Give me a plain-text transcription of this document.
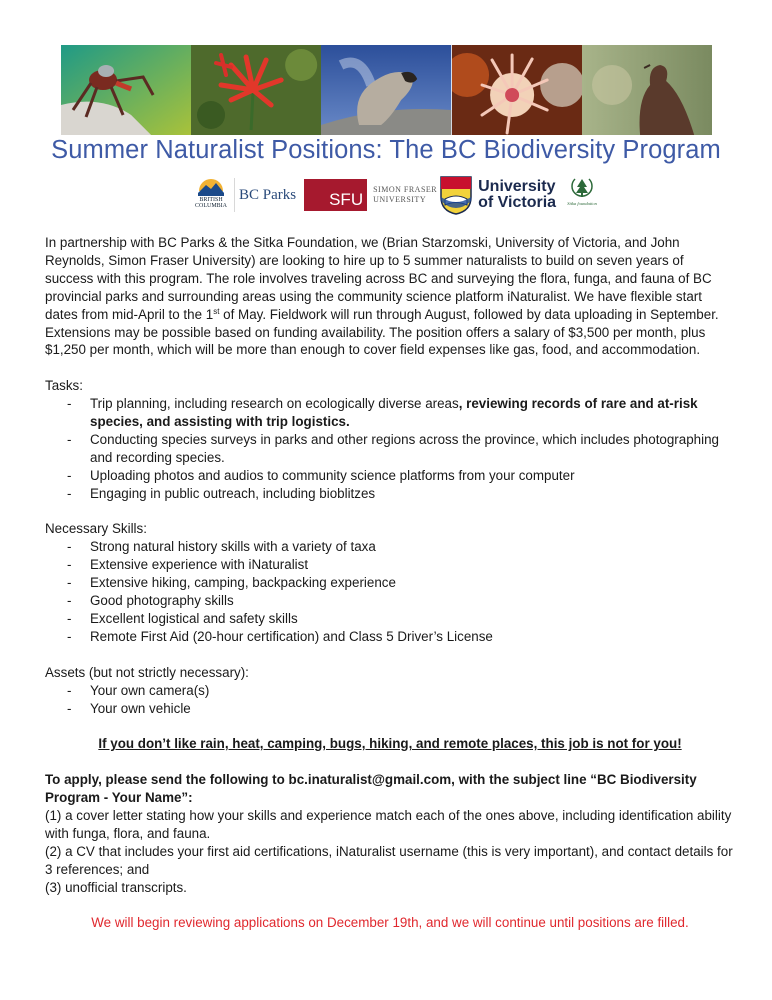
Summer Naturalist Positions: The BC Biodiversity Program
BRITISH COLUMBIA
BC Parks SFU
SIMON FRASER
UNIVERSITY
University
of Victoria Sitka foundation

In partnership with BC Parks & the Sitka Foundation, we (Brian Starzomski, University of Victoria, and John Reynolds, Simon Fraser University) are looking to hire up to 5 summer naturalists to build on seven years of success with this program. The role involves traveling across BC and surveying the flora, funga, and fauna of BC provincial parks and surrounding areas using the community science platform iNaturalist. We have flexible start dates from mid-April to the 1st of May. Fieldwork will run through August, followed by data uploading in September. Extensions may be possible based on funding availability. The position offers a salary of $3,500 per month, plus $1,250 per month, which will be more than enough to cover field expenses like gas, food, and accommodation.

Tasks:

- Trip planning, including research on ecologically diverse areas, reviewing records of rare and at-risk species, and assisting with trip logistics.
- Conducting species surveys in parks and other regions across the province, which includes photographing and recording species.
- Uploading photos and audios to community science platforms from your computer
- Engaging in public outreach, including bioblitzes

Necessary Skills:

- Strong natural history skills with a variety of taxa
- Extensive experience with iNaturalist
- Extensive hiking, camping, backpacking experience
- Good photography skills
- Excellent logistical and safety skills
- Remote First Aid (20-hour certification) and Class 5 Driver’s License

Assets (but not strictly necessary):

- Your own camera(s)
- Your own vehicle

If you don’t like rain, heat, camping, bugs, hiking, and remote places, this job is not for you!

To apply, please send the following to bc.inaturalist@gmail.com, with the subject line “BC Biodiversity Program - Your Name”:

(1) a cover letter stating how your skills and experience match each of the ones above, including identification ability with funga, flora, and fauna.

(2) a CV that includes your first aid certifications, iNaturalist username (this is very important), and contact details for 3 references; and

(3) unofficial transcripts.

We will begin reviewing applications on December 19th, and we will continue until positions are filled.
